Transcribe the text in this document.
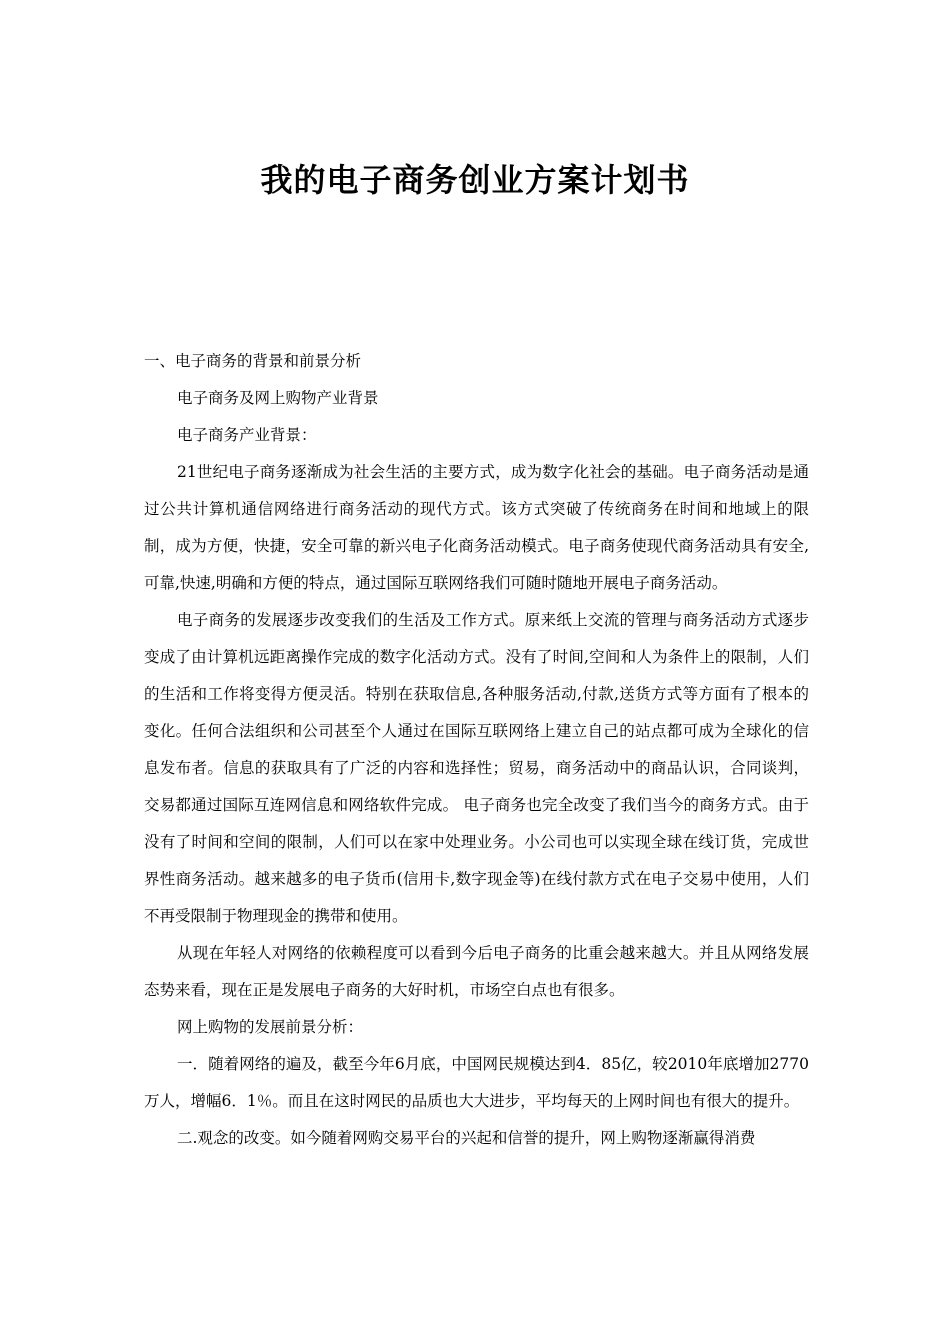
我的电子商务创业方案计划书

一、电子商务的背景和前景分析

电子商务及网上购物产业背景

电子商务产业背景：

21世纪电子商务逐渐成为社会生活的主要方式，成为数字化社会的基础。电子商务活动是通过公共计算机通信网络进行商务活动的现代方式。该方式突破了传统商务在时间和地域上的限制，成为方便，快捷，安全可靠的新兴电子化商务活动模式。电子商务使现代商务活动具有安全,可靠,快速,明确和方便的特点，通过国际互联网络我们可随时随地开展电子商务活动。

电子商务的发展逐步改变我们的生活及工作方式。原来纸上交流的管理与商务活动方式逐步变成了由计算机远距离操作完成的数字化活动方式。没有了时间,空间和人为条件上的限制，人们的生活和工作将变得方便灵活。特别在获取信息,各种服务活动,付款,送货方式等方面有了根本的变化。任何合法组织和公司甚至个人通过在国际互联网络上建立自己的站点都可成为全球化的信息发布者。信息的获取具有了广泛的内容和选择性；贸易，商务活动中的商品认识，合同谈判，交易都通过国际互连网信息和网络软件完成。 电子商务也完全改变了我们当今的商务方式。由于没有了时间和空间的限制，人们可以在家中处理业务。小公司也可以实现全球在线订货，完成世界性商务活动。越来越多的电子货币(信用卡,数字现金等)在线付款方式在电子交易中使用，人们不再受限制于物理现金的携带和使用。

从现在年轻人对网络的依赖程度可以看到今后电子商务的比重会越来越大。并且从网络发展态势来看，现在正是发展电子商务的大好时机，市场空白点也有很多。

网上购物的发展前景分析：

一．随着网络的遍及，截至今年6月底，中国网民规模达到4．85亿，较2010年底增加2770万人，增幅6．1％。而且在这时网民的品质也大大进步，平均每天的上网时间也有很大的提升。

二.观念的改变。如今随着网购交易平台的兴起和信誉的提升，网上购物逐渐赢得消费
